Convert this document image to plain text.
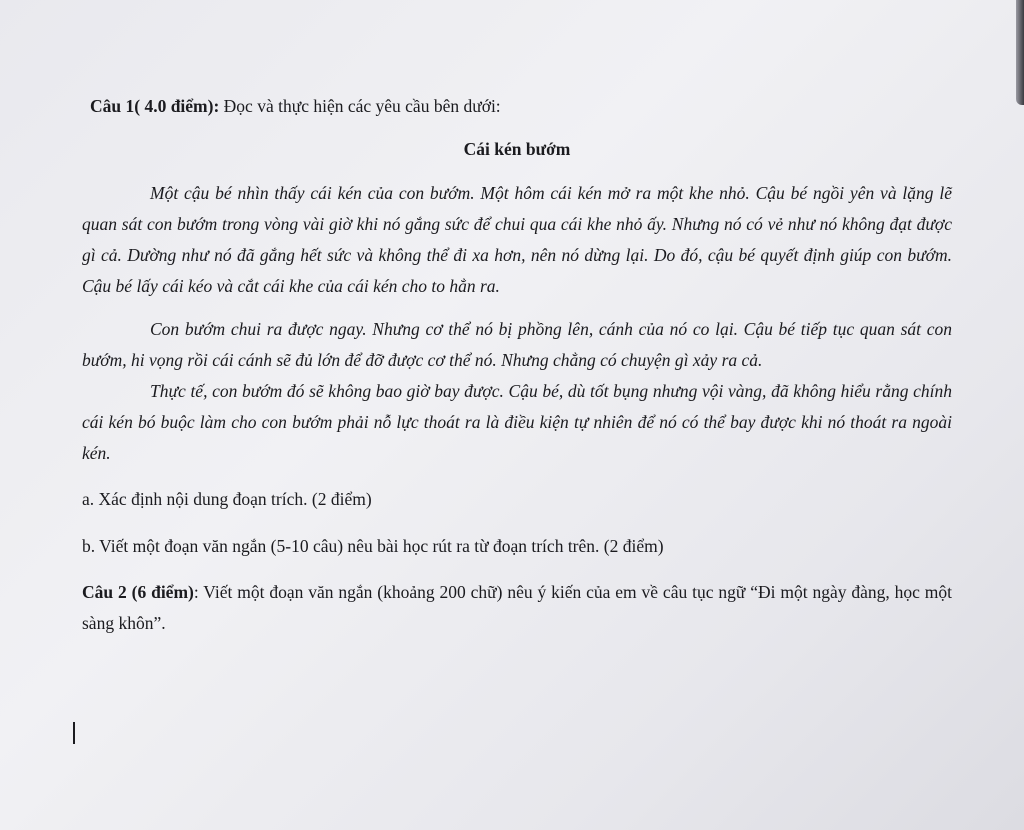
Câu 1( 4.0 điểm): Đọc và thực hiện các yêu cầu bên dưới:
Cái kén bướm

Một cậu bé nhìn thấy cái kén của con bướm. Một hôm cái kén mở ra một khe nhỏ. Cậu bé ngồi yên và lặng lẽ quan sát con bướm trong vòng vài giờ khi nó gắng sức để chui qua cái khe nhỏ ấy. Nhưng nó có vẻ như nó không đạt được gì cả. Dường như nó đã gắng hết sức và không thể đi xa hơn, nên nó dừng lại. Do đó, cậu bé quyết định giúp con bướm. Cậu bé lấy cái kéo và cắt cái khe của cái kén cho to hẳn ra.

Con bướm chui ra được ngay. Nhưng cơ thể nó bị phồng lên, cánh của nó co lại. Cậu bé tiếp tục quan sát con bướm, hi vọng rồi cái cánh sẽ đủ lớn để đỡ được cơ thể nó. Nhưng chẳng có chuyện gì xảy ra cả.

Thực tế, con bướm đó sẽ không bao giờ bay được. Cậu bé, dù tốt bụng nhưng vội vàng, đã không hiểu rằng chính cái kén bó buộc làm cho con bướm phải nỗ lực thoát ra là điều kiện tự nhiên để nó có thể bay được khi nó thoát ra ngoài kén.

a. Xác định nội dung đoạn trích. (2 điểm)
b. Viết một đoạn văn ngắn (5-10 câu) nêu bài học rút ra từ đoạn trích trên. (2 điểm)
Câu 2 (6 điểm): Viết một đoạn văn ngắn (khoảng 200 chữ) nêu ý kiến của em về câu tục ngữ “Đi một ngày đàng, học một sàng khôn”.
